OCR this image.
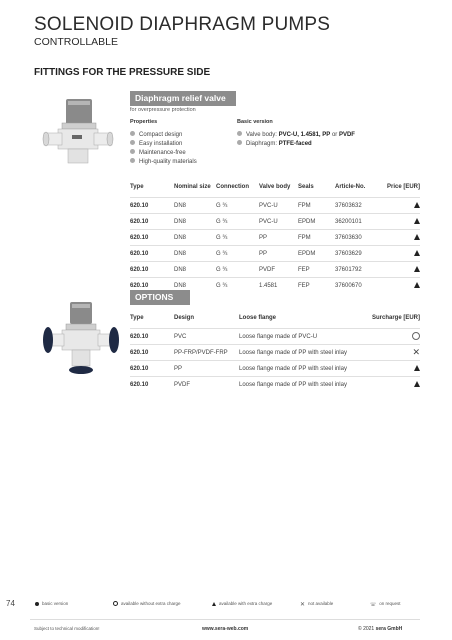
SOLENOID DIAPHRAGM PUMPS
CONTROLLABLE
FITTINGS FOR THE PRESSURE SIDE
Diaphragm relief valve
for overpressure protection
Properties	Basic version
Compact design
Easy installation
Maintenance-free
High-quality materials
Valve body: PVC-U, 1.4581, PP or PVDF
Diaphragm: PTFE-faced
Type	Nominal size	Connection	Valve body	Seals	Article-No.	Price [EUR]
620.10	DN8	G ¾	PVC-U	FPM	37603632	
620.10	DN8	G ¾	PVC-U	EPDM	36200101	
620.10	DN8	G ¾	PP	FPM	37603630	
620.10	DN8	G ¾	PP	EPDM	37603629	
620.10	DN8	G ¾	PVDF	FEP	37601792	
620.10	DN8	G ¾	1.4581	FEP	37600670	
OPTIONS
Type	Design	Loose flange	Surcharge [EUR]
620.10	PVC	Loose flange made of PVC-U	
620.10	PP-FRP/PVDF-FRP	Loose flange made of PP with steel inlay	✕
620.10	PP	Loose flange made of PP with steel inlay	
620.10	PVDF	Loose flange made of PP with steel inlay	
74	basic version	available without extra charge	available with extra charge	✕ not available	☏ on request
Subject to technical modification!	www.sera-web.com	© 2021 sera GmbH
